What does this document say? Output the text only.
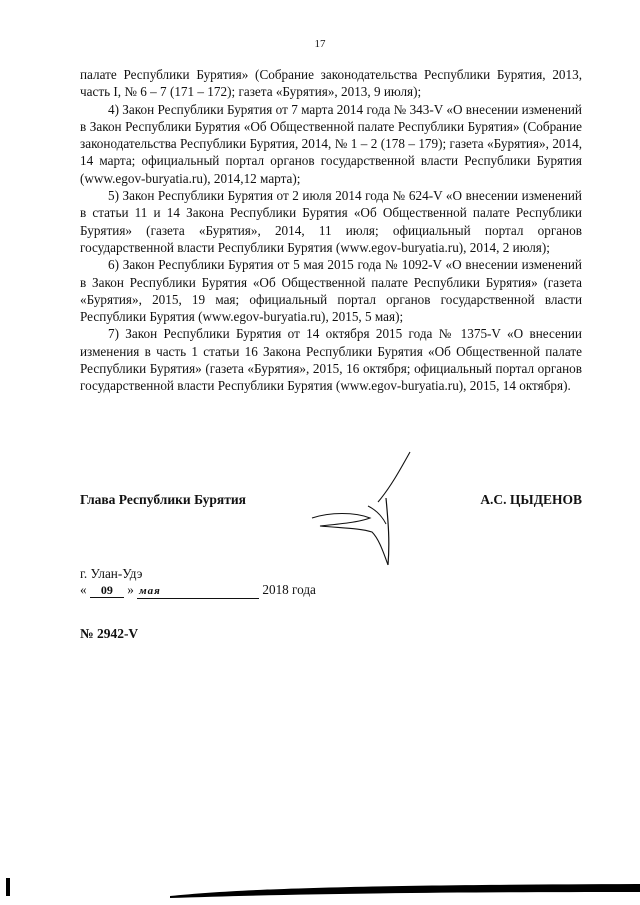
17

палате Республики Бурятия» (Собрание законодательства Республики Бурятия, 2013, часть I, № 6 – 7 (171 – 172); газета «Бурятия», 2013, 9 июля);

4) Закон Республики Бурятия от 7 марта 2014 года № 343-V «О внесении изменений в Закон Республики Бурятия «Об Общественной палате Республики Бурятия» (Собрание законодательства Республики Бурятия, 2014, № 1 – 2 (178 – 179); газета «Бурятия», 2014, 14 марта; официальный портал органов государственной власти Республики Бурятия (www.egov-buryatia.ru), 2014,12 марта);

5) Закон Республики Бурятия от 2 июля 2014 года № 624-V «О внесении изменений в статьи 11 и 14 Закона Республики Бурятия «Об Общественной палате Республики Бурятия» (газета «Бурятия», 2014, 11 июля; официальный портал органов государственной власти Республики Бурятия (www.egov-buryatia.ru), 2014, 2 июля);

6) Закон Республики Бурятия от 5 мая 2015 года № 1092-V «О внесении изменений в Закон Республики Бурятия «Об Общественной палате Республики Бурятия» (газета «Бурятия», 2015, 19 мая; официальный портал органов государственной власти Республики Бурятия (www.egov-buryatia.ru), 2015, 5 мая);

7) Закон Республики Бурятия от 14 октября 2015 года № 1375-V «О внесении изменения в часть 1 статьи 16 Закона Республики Бурятия «Об Общественной палате Республики Бурятия» (газета «Бурятия», 2015, 16 октября; официальный портал органов государственной власти Республики Бурятия (www.egov-buryatia.ru), 2015, 14 октября).

Глава Республики Бурятия	А.С. ЦЫДЕНОВ
г. Улан-Удэ
« 09 » мая	2018 года
№ 2942-V
